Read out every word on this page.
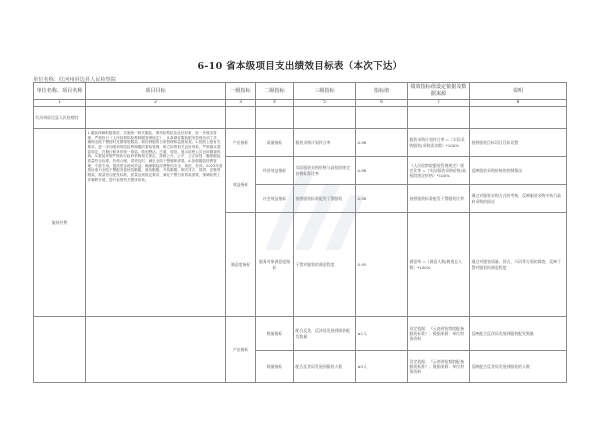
6-10 省本级项目支出绩效目标表（本次下达）
单位名称：红河州屏边县人民检察院
单位名称、项目名称	项目目标	一级指标	二级指标	三级指标	指标值	绩效指标值设定依据及数据来源	说明
1	2	3	4	5	6	7	8
红河州屏边县人民检察院							
服装经费	1.服装保障积极推进，实施统一制式服装，保持检察队伍良好形象，进一步规范管理，严格执行《人民检察院检察制服管理规定》，认真做好服装配发管理各项工作，确保全院干警按时足额领取服装，做好制服的日常管理和监督检查。2.按照上级有关要求，进一步加强和规范检察制服的着装管理，树立检察机关良好形象，严格落实着装规定，在履行职务时统一着装，做到整洁、庄重、规范，展示检察人员良好精神风貌。3.服装采购严格执行政府采购相关规定，按照公开、公平、公正原则，确保服装质量符合标准，价格合理，供货及时，满足全院干警履职需要。4.加强服装经费管理，专款专用，提高资金使用效益，确保服装经费使用安全、规范、有效。2023年度按标准为全院干警配发春秋执勤服、夏执勤服、冬执勤服、制式衬衣、领带、皮鞋等服装，数量符合配发标准，质量达到规定要求，满足干警日常着装需要，保障检察工作顺利开展，提升检察机关整体形象。	产出指标	质量指标	服装采购计划符合率	0.98	服装采购计划符合率 =（实际采购服装/采购需求数）*100%	按照服装目标项目目标设置
		效益指标	经济效益指标	实际服装采购价格与高检院规定价格标准比率	0.98	《人民检察院服装管理规定》规定比率 =（实际服装采购价格/高检院规定价格）*100%	反映服装采购价格的控制情况
			社会效益指标	按照服装标准配发干警服装	0.98	按照服装标准配发干警服装比率	通过对服装采购方式的考核，反映服装采购中执行政府采购的情况
		满意度指标	服务对象满意度指标	干警对服装的满意程度	0.95	满意率 =（满意人数/调查总人数）*100%	通过对服装质量、款式、尺码等方面的调查，反映干警对服装的满意程度
		产出指标	数量指标	配合反贪、反渎局发展到服装配发数量	≥1人	设定依据：《云南省检察院配备服装标准》；数据来源：单位财务资料	反映配合反渎局发展到服装配发数量
			数量指标	配合反贪局发展到服装人数	≥3人	设定依据：《云南省检察院配备服装标准》；数据来源：单位财务资料	反映配合反贪局发展到服装的人数
